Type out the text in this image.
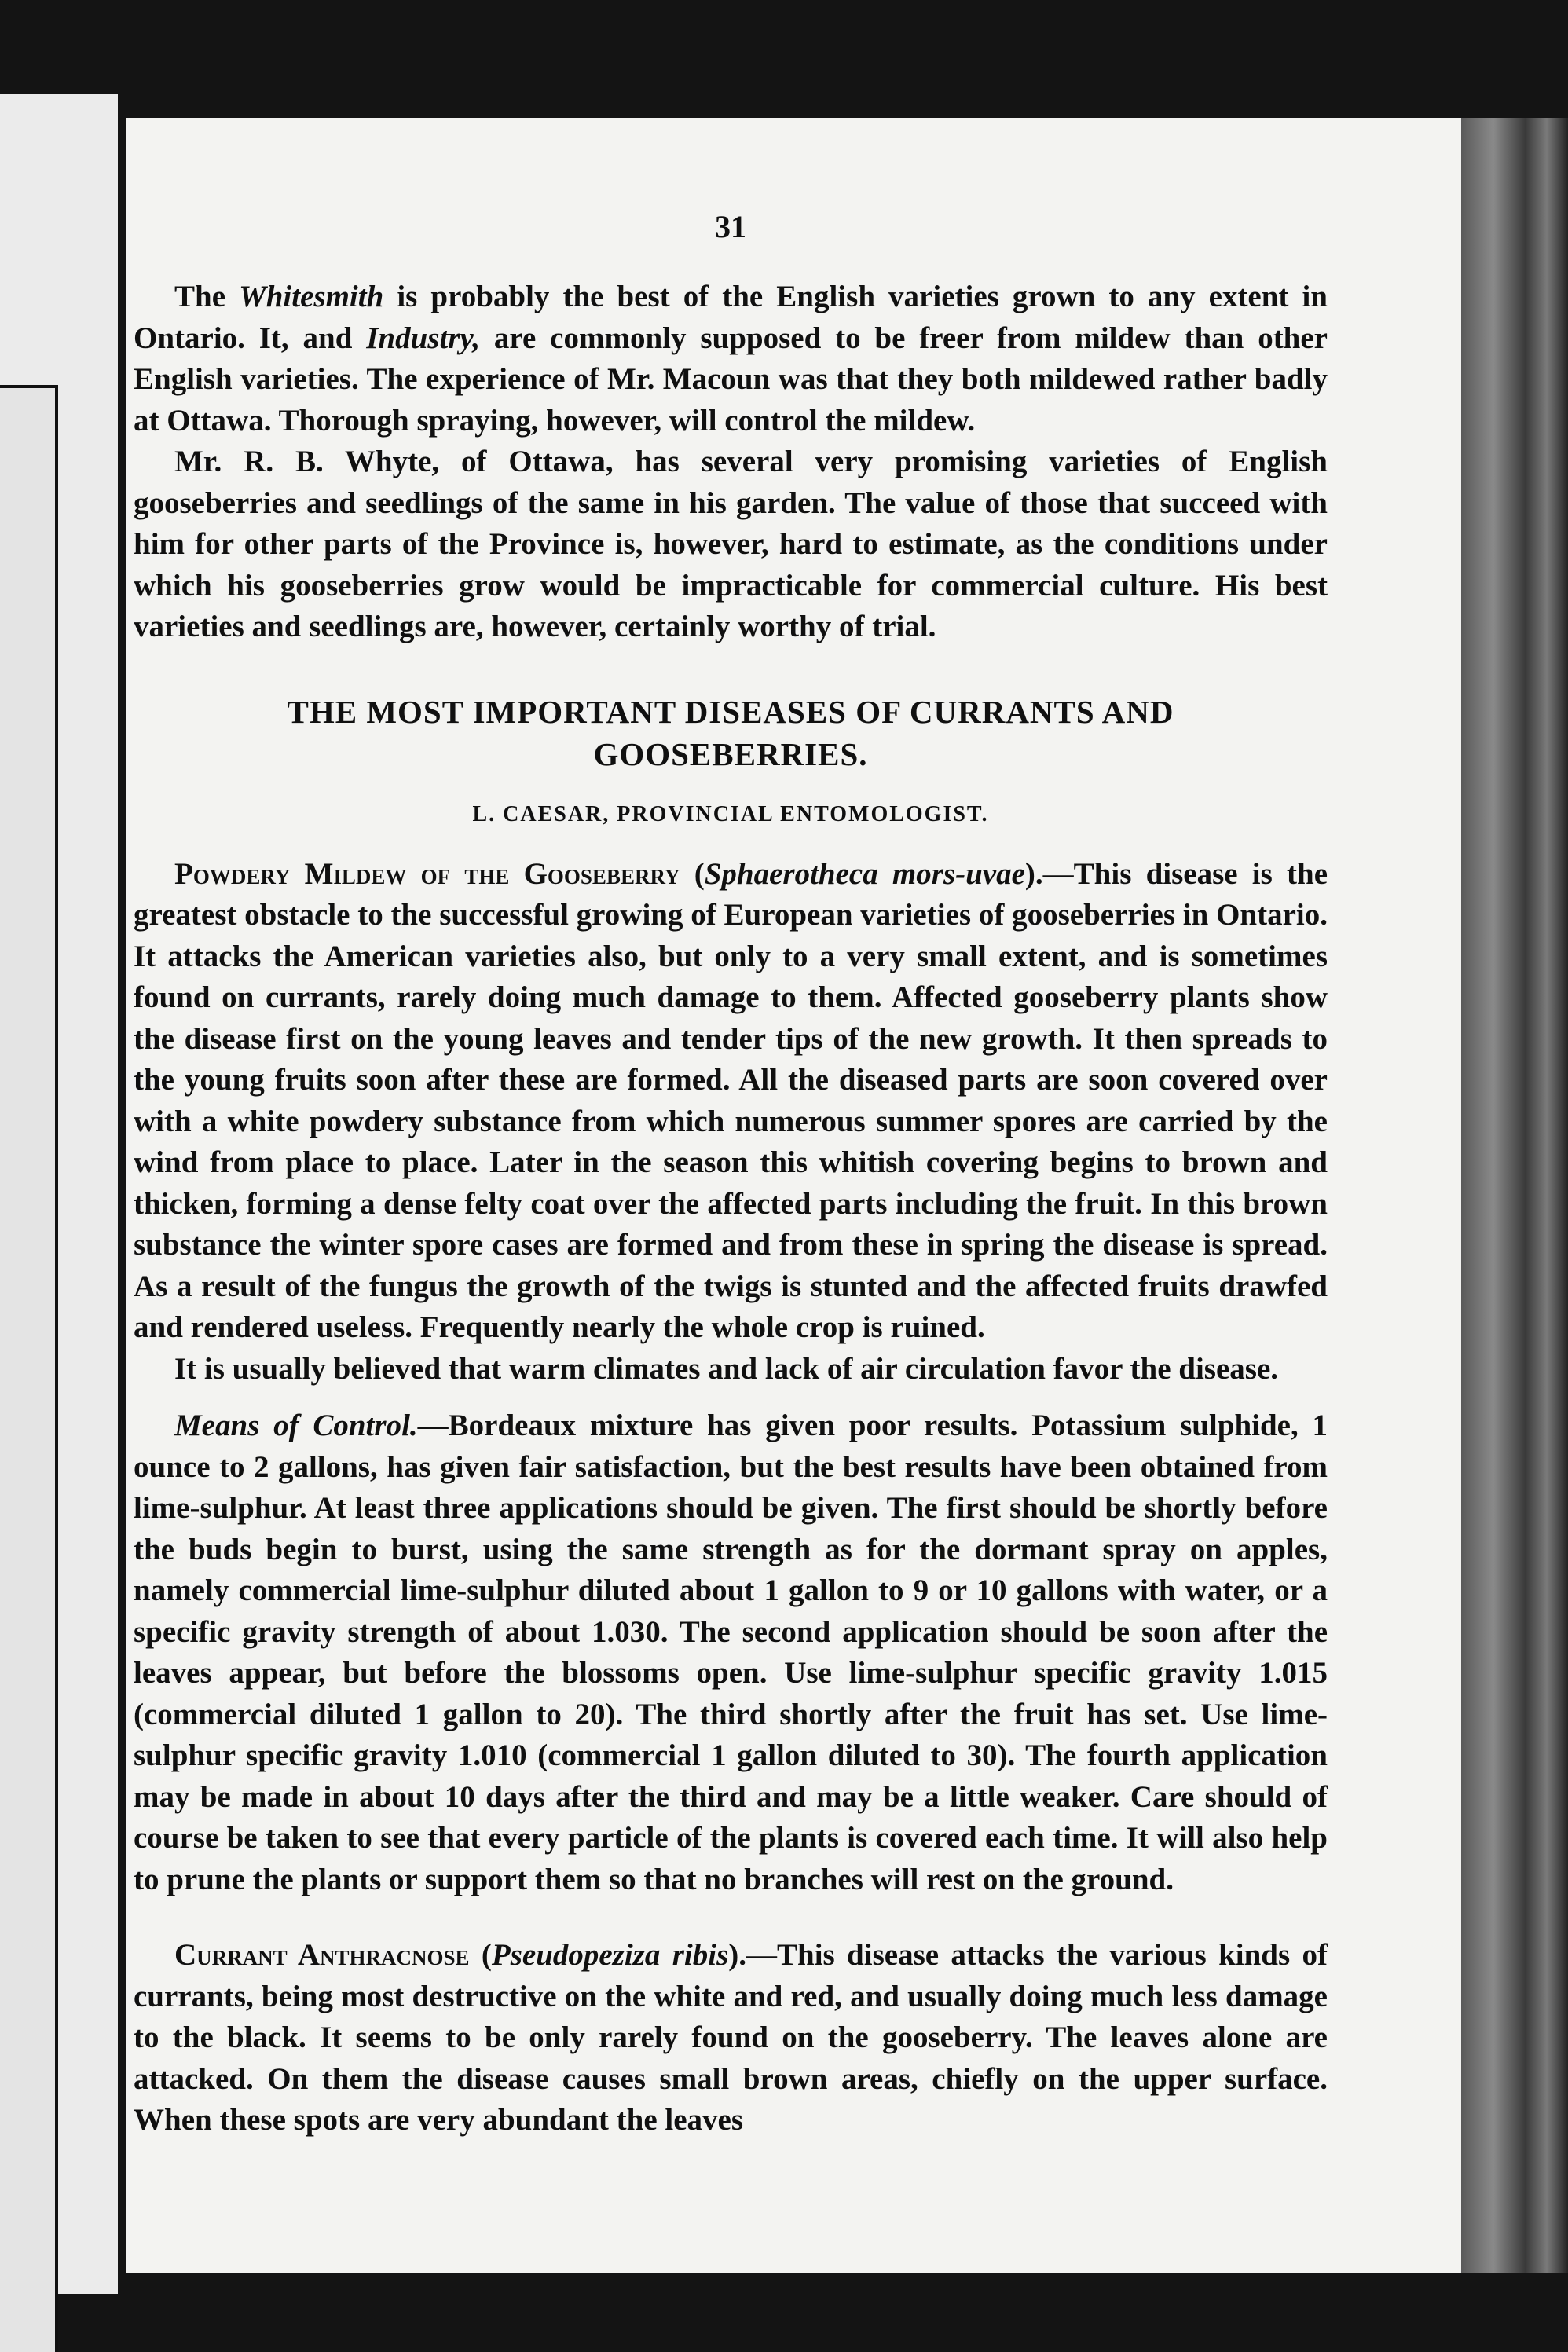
31

The Whitesmith is probably the best of the English varieties grown to any extent in Ontario. It, and Industry, are commonly supposed to be freer from mildew than other English varieties. The experience of Mr. Macoun was that they both mildewed rather badly at Ottawa. Thorough spraying, however, will control the mildew.

Mr. R. B. Whyte, of Ottawa, has several very promising varieties of English gooseberries and seedlings of the same in his garden. The value of those that succeed with him for other parts of the Province is, however, hard to estimate, as the conditions under which his gooseberries grow would be impracticable for commercial culture. His best varieties and seedlings are, however, certainly worthy of trial.

THE MOST IMPORTANT DISEASES OF CURRANTS AND GOOSEBERRIES.
L. CAESAR, PROVINCIAL ENTOMOLOGIST.

Powdery Mildew of the Gooseberry (Sphaerotheca mors-uvae).—This disease is the greatest obstacle to the successful growing of European varieties of gooseberries in Ontario. It attacks the American varieties also, but only to a very small extent, and is sometimes found on currants, rarely doing much damage to them. Affected gooseberry plants show the disease first on the young leaves and tender tips of the new growth. It then spreads to the young fruits soon after these are formed. All the diseased parts are soon covered over with a white powdery substance from which numerous summer spores are carried by the wind from place to place. Later in the season this whitish covering begins to brown and thicken, forming a dense felty coat over the affected parts including the fruit. In this brown substance the winter spore cases are formed and from these in spring the disease is spread. As a result of the fungus the growth of the twigs is stunted and the affected fruits drawfed and rendered useless. Frequently nearly the whole crop is ruined.

It is usually believed that warm climates and lack of air circulation favor the disease.

Means of Control.—Bordeaux mixture has given poor results. Potassium sulphide, 1 ounce to 2 gallons, has given fair satisfaction, but the best results have been obtained from lime-sulphur. At least three applications should be given. The first should be shortly before the buds begin to burst, using the same strength as for the dormant spray on apples, namely commercial lime-sulphur diluted about 1 gallon to 9 or 10 gallons with water, or a specific gravity strength of about 1.030. The second application should be soon after the leaves appear, but before the blossoms open. Use lime-sulphur specific gravity 1.015 (commercial diluted 1 gallon to 20). The third shortly after the fruit has set. Use lime-sulphur specific gravity 1.010 (commercial 1 gallon diluted to 30). The fourth application may be made in about 10 days after the third and may be a little weaker. Care should of course be taken to see that every particle of the plants is covered each time. It will also help to prune the plants or support them so that no branches will rest on the ground.

Currant Anthracnose (Pseudopeziza ribis).—This disease attacks the various kinds of currants, being most destructive on the white and red, and usually doing much less damage to the black. It seems to be only rarely found on the gooseberry. The leaves alone are attacked. On them the disease causes small brown areas, chiefly on the upper surface. When these spots are very abundant the leaves
